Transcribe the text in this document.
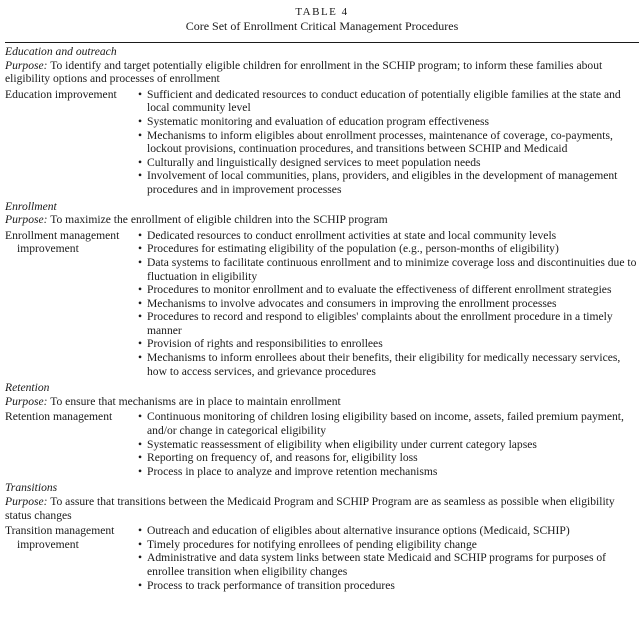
TABLE 4
Core Set of Enrollment Critical Management Procedures

Education and outreach

Purpose: To identify and target potentially eligible children for enrollment in the SCHIP program; to inform these families about eligibility options and processes of enrollment

Education improvement	• Sufficient and dedicated resources to conduct education of potentially eligible families at the state and local community level
• Systematic monitoring and evaluation of education program effectiveness
• Mechanisms to inform eligibles about enrollment processes, maintenance of coverage, co-payments, lockout provisions, continuation procedures, and transitions between SCHIP and Medicaid
• Culturally and linguistically designed services to meet population needs
• Involvement of local communities, plans, providers, and eligibles in the development of management procedures and in improvement processes

Enrollment

Purpose: To maximize the enrollment of eligible children into the SCHIP program

Enrollment management
improvement
• Dedicated resources to conduct enrollment activities at state and local community levels
• Procedures for estimating eligibility of the population (e.g., person-months of eligibility)
• Data systems to facilitate continuous enrollment and to minimize coverage loss and discontinuities due to fluctuation in eligibility
• Procedures to monitor enrollment and to evaluate the effectiveness of different enrollment strategies
• Mechanisms to involve advocates and consumers in improving the enrollment processes
• Procedures to record and respond to eligibles' complaints about the enrollment procedure in a timely manner
• Provision of rights and responsibilities to enrollees
• Mechanisms to inform enrollees about their benefits, their eligibility for medically necessary services, how to access services, and grievance procedures

Retention

Purpose: To ensure that mechanisms are in place to maintain enrollment

Retention management	• Continuous monitoring of children losing eligibility based on income, assets, failed premium payment, and/or change in categorical eligibility
• Systematic reassessment of eligibility when eligibility under current category lapses
• Reporting on frequency of, and reasons for, eligibility loss
• Process in place to analyze and improve retention mechanisms

Transitions

Purpose: To assure that transitions between the Medicaid Program and SCHIP Program are as seamless as possible when eligibility status changes

Transition management
improvement
• Outreach and education of eligibles about alternative insurance options (Medicaid, SCHIP)
• Timely procedures for notifying enrollees of pending eligibility change
• Administrative and data system links between state Medicaid and SCHIP programs for purposes of enrollee transition when eligibility changes
• Process to track performance of transition procedures
